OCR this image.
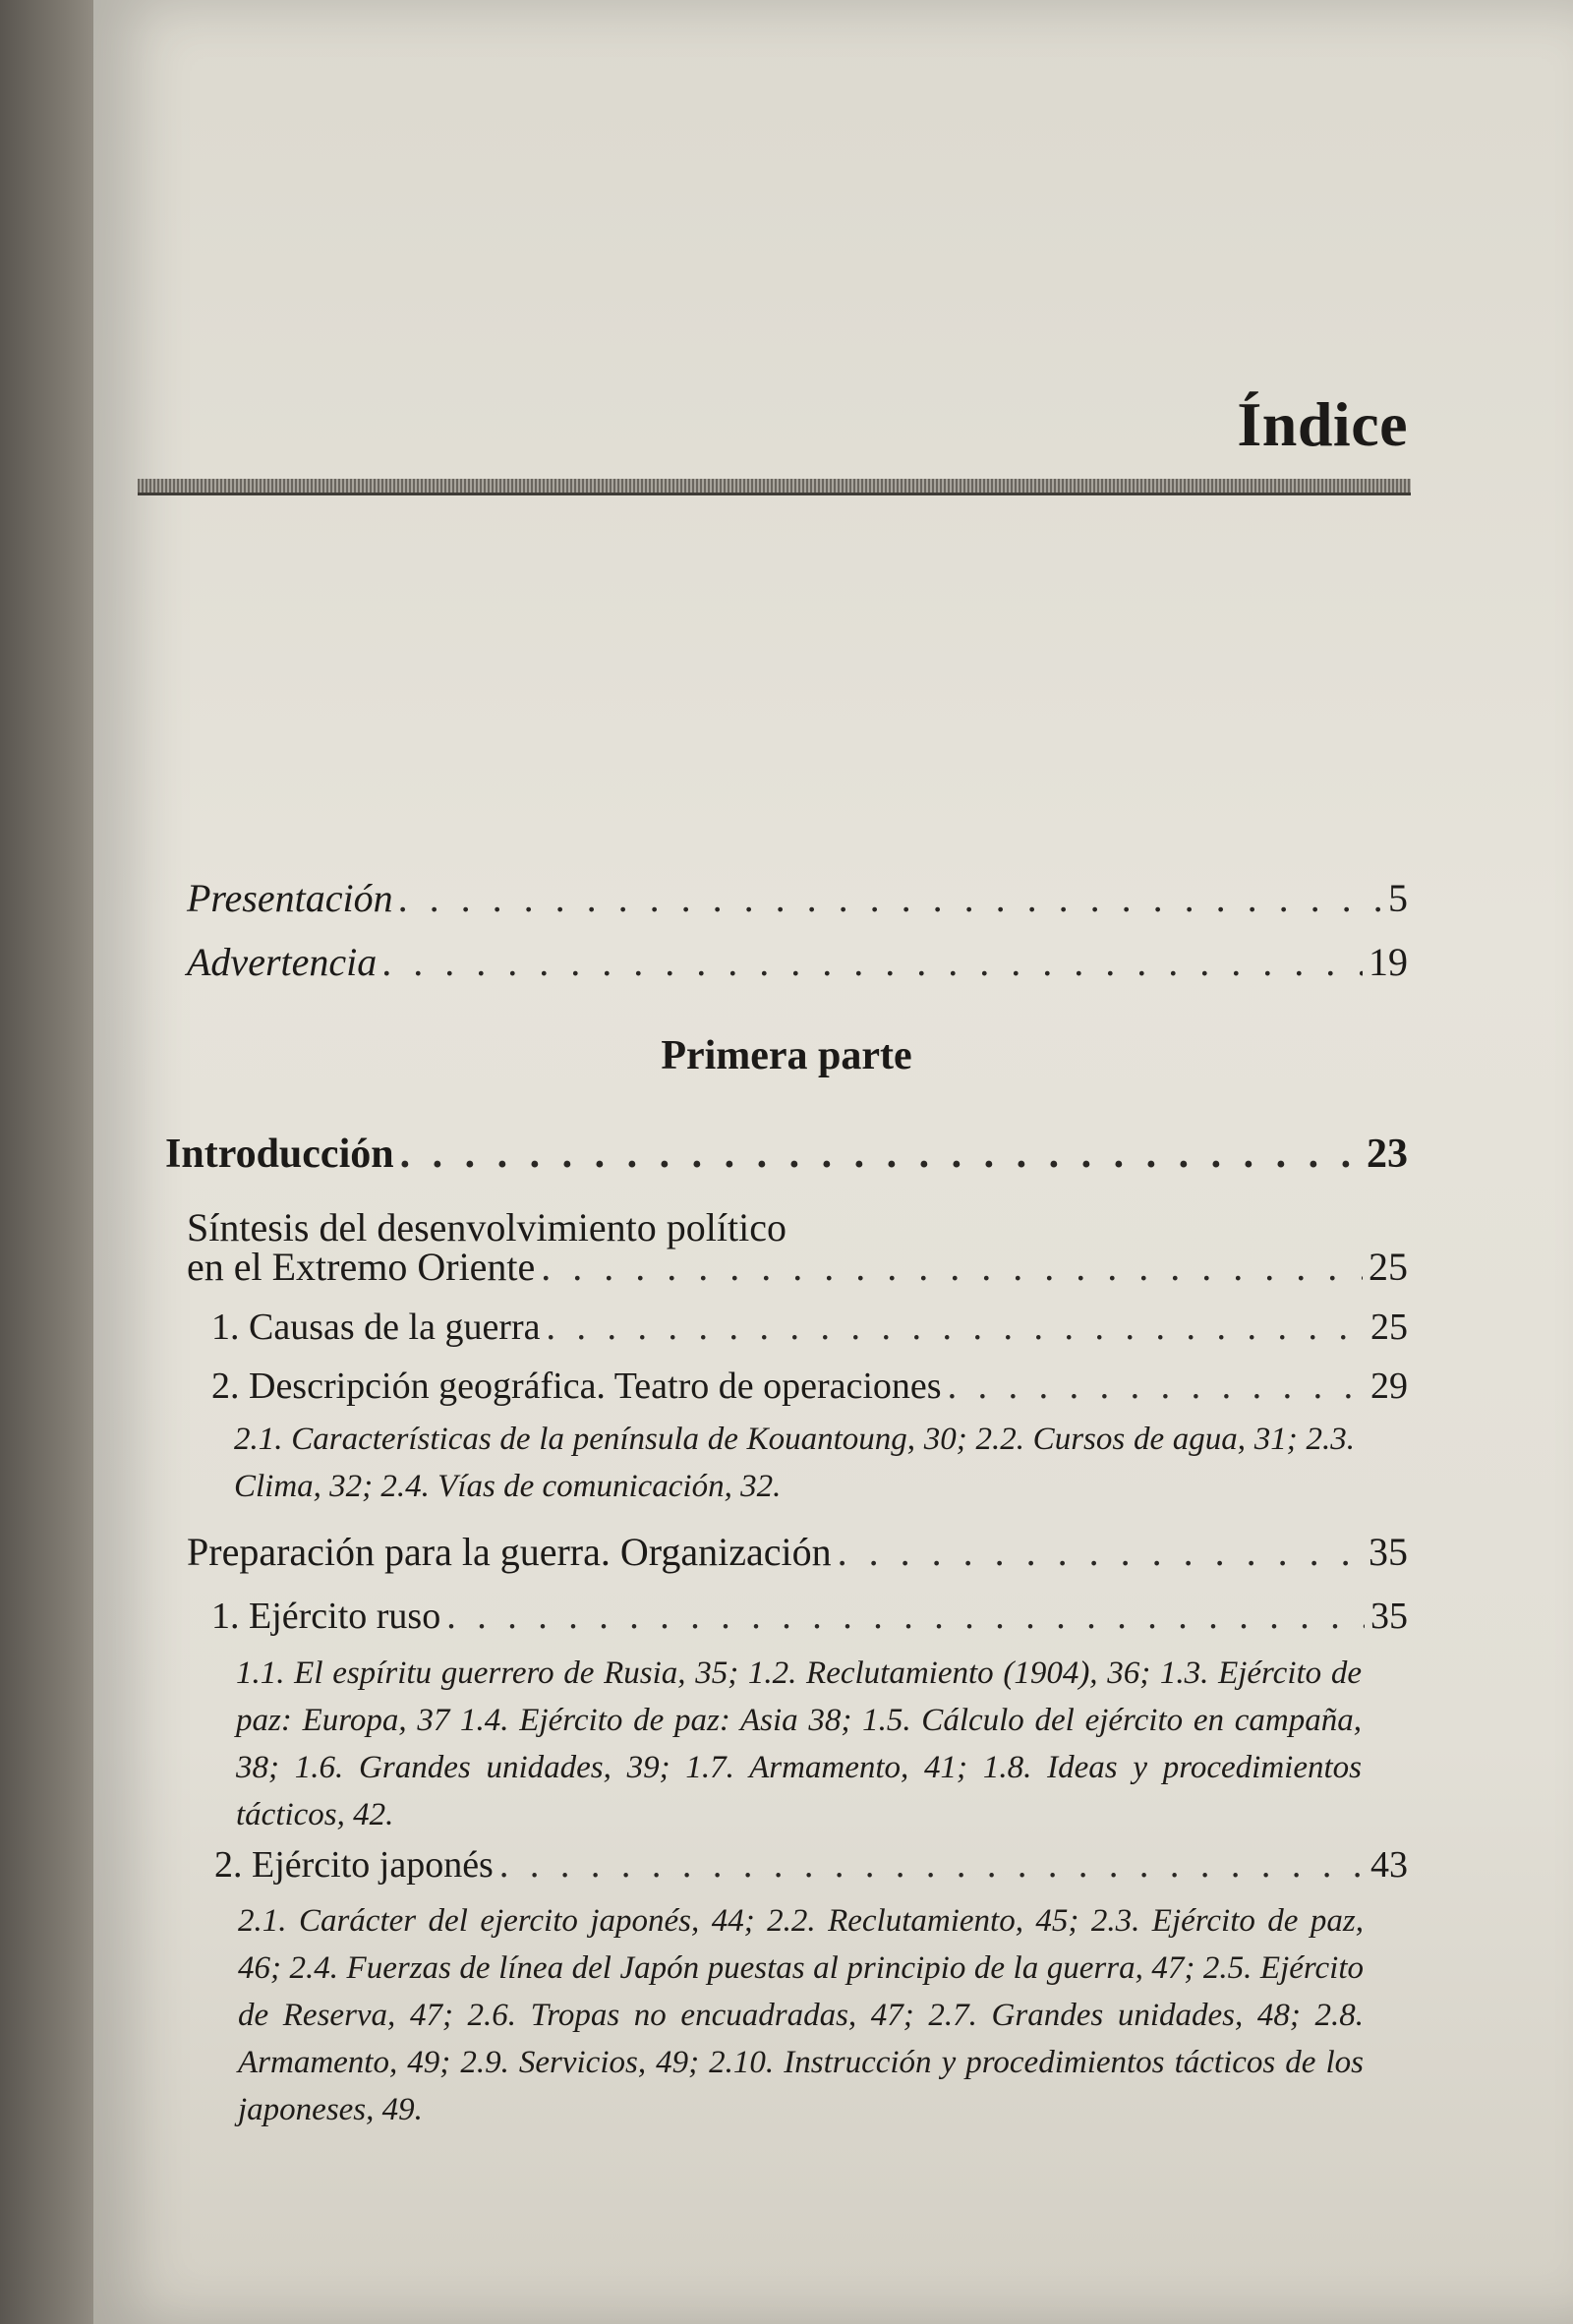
Índice
Presentación . . .	5
Advertencia . . .	19
Primera parte
Introducción . . .	23
Síntesis del desenvolvimiento político
en el Extremo Oriente . . .	25
1. Causas de la guerra . . .	25
2. Descripción geográfica. Teatro de operaciones . . .	29
2.1. Características de la península de Kouantoung, 30; 2.2. Cursos de agua, 31; 2.3. Clima, 32; 2.4. Vías de comunicación, 32.
Preparación para la guerra. Organización . . .	35
1. Ejército ruso . . .	35
1.1. El espíritu guerrero de Rusia, 35; 1.2. Reclutamiento (1904), 36; 1.3. Ejército de paz: Europa, 37 1.4. Ejército de paz: Asia 38; 1.5. Cálculo del ejército en campaña, 38; 1.6. Grandes unidades, 39; 1.7. Armamento, 41; 1.8. Ideas y procedimientos tácticos, 42.
2. Ejército japonés . . .	43
2.1. Carácter del ejercito japonés, 44; 2.2. Reclutamiento, 45; 2.3. Ejército de paz, 46; 2.4. Fuerzas de línea del Japón puestas al principio de la guerra, 47; 2.5. Ejército de Reserva, 47; 2.6. Tropas no encuadradas, 47; 2.7. Grandes unidades, 48; 2.8. Armamento, 49; 2.9. Servicios, 49; 2.10. Instrucción y procedimientos tácticos de los japoneses, 49.
